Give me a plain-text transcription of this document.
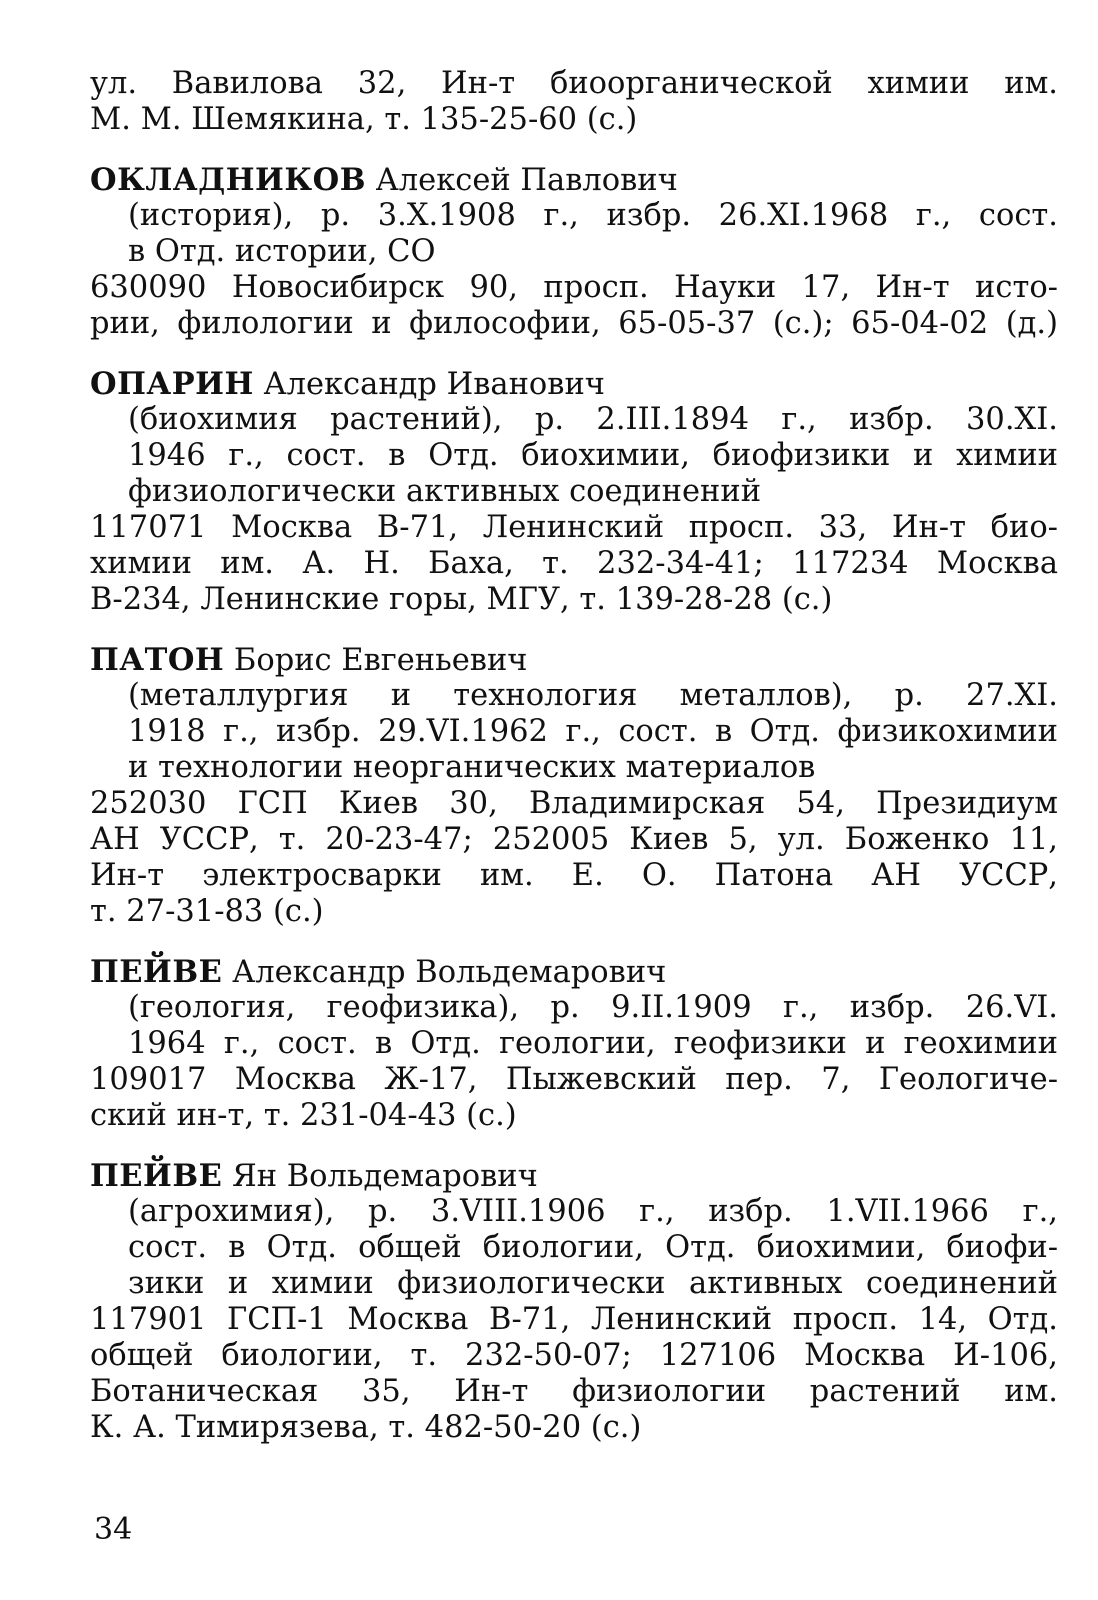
ул. Вавилова 32, Ин-т биоорганической химии им.
М. М. Шемякина, т. 135-25-60 (с.)
ОКЛАДНИКОВ Алексей Павлович
(история), р. 3.X.1908 г., избр. 26.XI.1968 г., сост.
в Отд. истории, СО
630090 Новосибирск 90, просп. Науки 17, Ин-т исто-
рии, филологии и философии, 65-05-37 (с.); 65-04-02 (д.)
ОПАРИН Александр Иванович
(биохимия растений), р. 2.III.1894 г., избр. 30.XI.
1946 г., сост. в Отд. биохимии, биофизики и химии
физиологически активных соединений
117071 Москва В-71, Ленинский просп. 33, Ин-т био-
химии им. А. Н. Баха, т. 232-34-41; 117234 Москва
В-234, Ленинские горы, МГУ, т. 139-28-28 (с.)
ПАТОН Борис Евгеньевич
(металлургия и технология металлов), р. 27.XI.
1918 г., избр. 29.VI.1962 г., сост. в Отд. физикохимии
и технологии неорганических материалов
252030 ГСП Киев 30, Владимирская 54, Президиум
АН УССР, т. 20-23-47; 252005 Киев 5, ул. Боженко 11,
Ин-т электросварки им. Е. О. Патона АН УССР,
т. 27-31-83 (с.)
ПЕЙВЕ Александр Вольдемарович
(геология, геофизика), р. 9.II.1909 г., избр. 26.VI.
1964 г., сост. в Отд. геологии, геофизики и геохимии
109017 Москва Ж-17, Пыжевский пер. 7, Геологиче-
ский ин-т, т. 231-04-43 (с.)
ПЕЙВЕ Ян Вольдемарович
(агрохимия), р. 3.VIII.1906 г., избр. 1.VII.1966 г.,
сост. в Отд. общей биологии, Отд. биохимии, биофи-
зики и химии физиологически активных соединений
117901 ГСП-1 Москва В-71, Ленинский просп. 14, Отд.
общей биологии, т. 232-50-07; 127106 Москва И-106,
Ботаническая 35, Ин-т физиологии растений им.
К. А. Тимирязева, т. 482-50-20 (с.)
34
